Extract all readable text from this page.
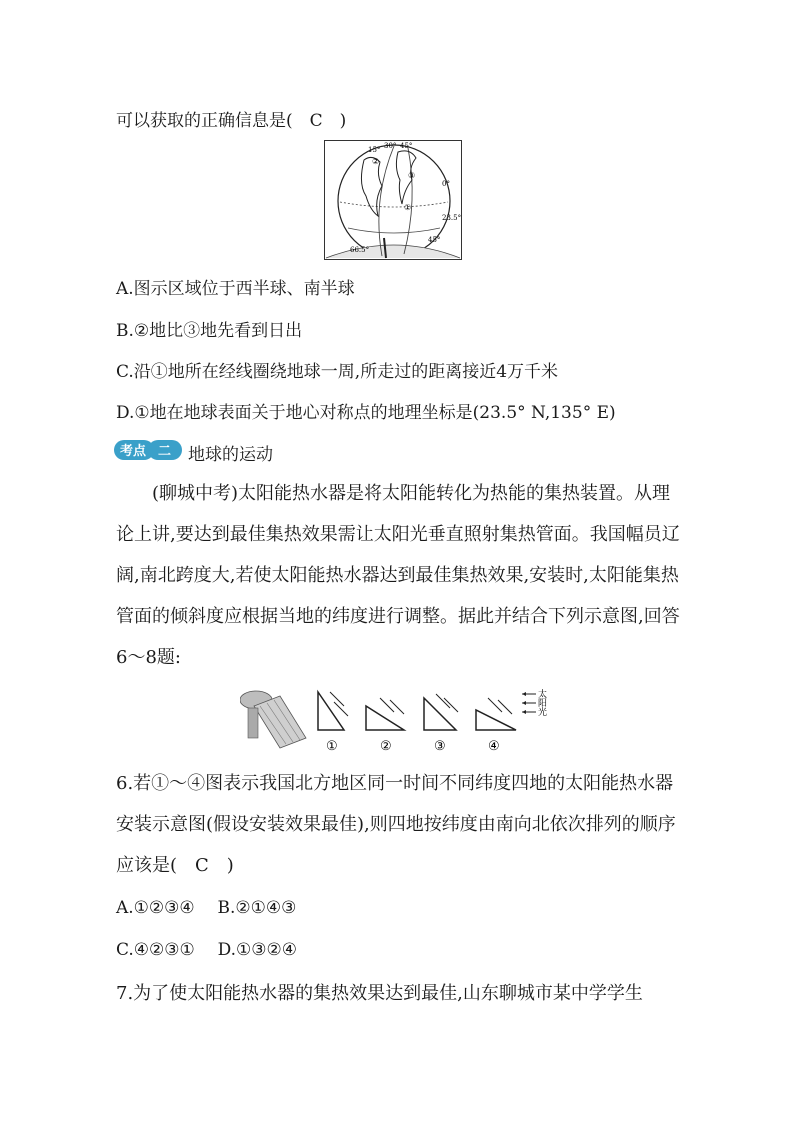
可以获取的正确信息是(　C　)
15° 30° 45°
0°
23.5°
45°
66.5°
①
②
③
A.图示区域位于西半球、南半球
B.②地比③地先看到日出
C.沿①地所在经线圈绕地球一周,所走过的距离接近4万千米
D.①地在地球表面关于地心对称点的地理坐标是(23.5° N,135° E)
考点 二 地球的运动
(聊城中考)太阳能热水器是将太阳能转化为热能的集热装置。从理论上讲,要达到最佳集热效果需让太阳光垂直照射集热管面。我国幅员辽阔,南北跨度大,若使太阳能热水器达到最佳集热效果,安装时,太阳能集热管面的倾斜度应根据当地的纬度进行调整。据此并结合下列示意图,回答6～8题:
太
阳
光
①	②	③	④
6.若①～④图表示我国北方地区同一时间不同纬度四地的太阳能热水器安装示意图(假设安装效果最佳),则四地按纬度由南向北依次排列的顺序应该是(　C　)
A.①②③④ B.②①④③
C.④②③① D.①③②④
7.为了使太阳能热水器的集热效果达到最佳,山东聊城市某中学学生
